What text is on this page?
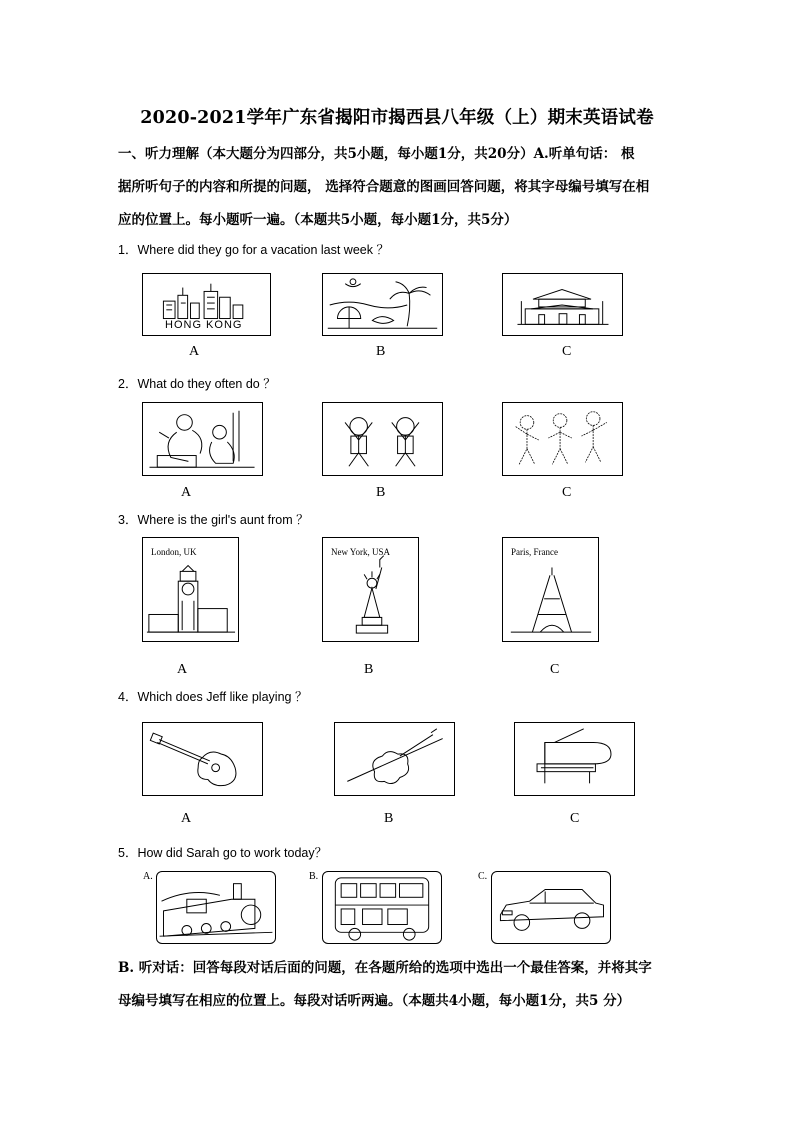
2020-2021学年广东省揭阳市揭西县八年级（上）期末英语试卷
一、听力理解（本大题分为四部分，共5小题，每小题1分，共20分）A.听单句话： 根
据所听句子的内容和所提的问题， 选择符合题意的图画回答问题，将其字母编号填写在相
应的位置上。每小题听一遍。（本题共5小题，每小题1分，共5分）
1．Where did they go for a vacation last week ？
HONG KONG
A	B	C
2．What do they often do ？
A	B	C
3．Where is the girl's aunt from ？
London, UK	New York, USA	Paris, France
A	B	C
4．Which does Jeff like playing ？
A	B	C
5．How did Sarah go to work today？
A.	B.	C.
B. 听对话：回答每段对话后面的问题，在各题所给的选项中选出一个最佳答案，并将其字
母编号填写在相应的位置上。每段对话听两遍。（本题共4小题，每小题1分，共5 分）
